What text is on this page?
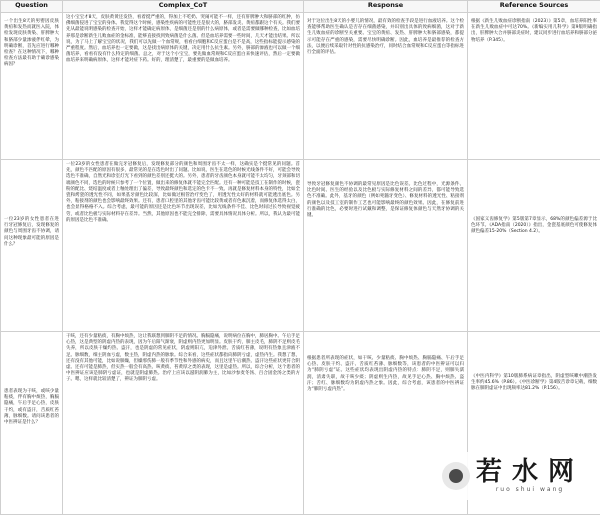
Question	Complex_CoT	Response	Reference Sources

一个出生8天的男婴因皮肤黄疸和发热而就医入院，体检发现皮肤黄染、肝脾肿大和脐部少量渗液伴红晕，为明确诊断，首先应进行哪种检查？在这种情况下，哪种检查方法最有助于确诊感染病因？	这小宝宝才8天，皮肤黄黄还发热，看着挺严重的，得加上不吃奶、哭闹可能不一样，还有肝脾肿大和脐部的红肿，仿佛细菌侵进了宝宝的身体。我觉得这个时候，感染性疾病的可能性还是很大的，脐部发炎、黄疸都跟这个有关。我们要先从最能说明感染的检查开始，这样才能确定病原体，是细菌还是别的什么病原体，或者是需要做哪种检查，比如血培养那是诊断新生儿败血症的金标准，能够直接找到致病菌是什么菌。但是血培养需要一些时间，几天才能出结果。所以说，为了马上了解宝宝的状况，我们可以先做一个血常规，看看白细胞和C反应蛋白是不是高，这些指标能提示感染的严重程度。然后，血培养也一定要做，这是找出病原体的关键，决定用什么抗生素。另外，脐部的渗液也可以做一个细菌培养，看看有没有什么特定的细菌。总之，对于这个小宝宝，要先做血常规和C反应蛋白来快速评估，然后一定要做血培养来明确病原体，这样才能对症下药。好的，理清楚了，最重要的是做血培养。	对于这位出生8天的小婴儿的情况，最有效的检查手段是进行血液培养。这个检查能够帮助医生确认是否存在细菌感染，并识别出具体的致病细菌，这对于新生儿败血症的诊断至关重要。宝宝的黄疸、发热、肝脾肿大和脐部感染，都提示可能存在严重的感染，需要尽快明确诊断。因此，血培养是最推荐的检查方法，以便后续采取针对性的抗感染治疗，同时结合血常规和C反应蛋白等指标进行全面的评估。	根据《新生儿败血症诊断指南（2023）》第5章，血培养阳性率在新生儿败血症中可达70%。《新编实用儿科学》第9版明确指出，肝脾肿大合并脐部炎症时，建议同步进行血培养和脐部分泌物培养（P.345）。

一位23岁的女性患者在进行牙冠修复后，发现修复的颜色与周围牙齿不协调，请问这种现象最可能的原因是什么？	一位23岁的女性患者在做完牙冠修复后，发现修复部分的颜色和周围牙齿不太一样，这确实是个挺常见的问题。首先，颜色不匹配的原因有很多，最常见的是在选色时出了问题。比如说，医生在选色的时候光线条件不好，可能会导致选色不准确，自然光和诊室灯光下看到的颜色差别还挺大的。另外，患者的牙齿颜色本身就可能不太均匀，牙颈部和切端颜色不同，选色的时候只参考了一个位置，做出来的修复体就不能完全匹配。还有一种可能是技工在制作的时候，瓷粉的配比、烧结温度或者上釉处理出了偏差，导致最终颜色和选定的色卡不一致。再就是修复材料本身的特性，比如全瓷和烤瓷的透光性不同，如果基牙颜色比较深，比如做过根管治疗变色了，用透光性太好的材料就可能透出底色。另外，粘接剂的颜色也会影响最终效果。还有，患者口腔里的其他牙齿可能比较黄或者有色素沉着，而修复体选得太白，也会显得格格不入。综合考虑，最可能的原因还是比色环节出现误差，比如光线条件不佳、比色时间过长导致视觉疲劳，或者比色板与实际材料存在差异。当然，其他原因也不能完全排除，需要具体情况具体分析。所以，我认为最可能的原因是比色不准确。	导致牙冠修复颜色不协调的最常见原因是比色误差。比色过程中，光源条件、比色时间、医生的经验以及比色板与实际修复材料之间的差异，都可能导致选色不准确。此外，基牙的颜色（例如死髓牙变色）、修复材料的透光性、粘接剂的颜色以及技工室的制作工艺也可能影响最终的颜色效果。因此，在修复前进行准确的比色，必要时进行试戴和调整，是保证修复体颜色与天然牙协调的关键。	《国家义齿修复学》第5版第7章显示，68%的颜色偏差源于比色环节。《ADA指南（2020）》指出，金瓷基底颜色可使修复体颜色偏差15-20%（Section 4.2）。

患者表现为干咳，或咳少量粘痰，伴有胸中烦热，胸膈隐痛，午后手足心热，皮肤干灼，或有盗汗，舌质红苔薄，脉细数。请问该患者的中医辨证是什么？	干咳，还有少量粘痰，有胸中烦热，这让我联想到肺阴不足的情况。胸膈隐痛，说明病位在胸中，肺居胸中。午后手足心热，这是典型的阴虚内热的表现，因为午后阳气渐衰，阴虚则内热更加明显。皮肤干灼，肺主皮毛，肺阴不足则皮毛失养，所以皮肤干燥灼热。盗汗，也是阴虚的常见症状，阴虚则阳亢，迫津外泄。舌质红苔薄，说明有热象且津液不足。脉细数，细主阴血亏虚，数主热，阴虚内热的脉象。综合来看，这些症状都指向肺阴亏虚，虚热内生。我想了想，还有没有其他可能，比如说肺燥，但燥邪伤肺一般有季节性和外感的病史，而且这里午后潮热、盗汗这些症状更符合阴虚。还有可能是肺热，但实热一般会有高热、咳黄痰、苔黄厚之类的表现，这里是虚热。所以，综合分析，这个患者的中医辨证应该是肺阴亏虚证，也就是阴虚肺热。治疗上应该以滋阴润肺为主，比如沙参麦冬汤、百合固金汤之类的方子。嗯，这样就比较清楚了，辨证为肺阴亏虚。	根据患者所表现的症状，如干咳、少量粘痰、胸中烦热、胸膈隐痛、午后手足心热、皮肤干灼、盗汗、舌质红苔薄、脉细数等，该患者的中医辨证可以归为“肺阴亏虚”证。这些症状均表现出阴虚内热的特点：肺阴不足，则肺失濡润，清肃失职，故干咳少痰；阴虚则生内热，故见手足心热、胸中烦热、盗汗；舌红、脉细数均为阴虚内热之象。因此，综合考虑，该患者的中医辨证为“肺阴亏虚内热”。	《中医内科学》第10版肺系病证章指出，阴虚型咳嗽中潮热发生率约45.6%（P.86）。《中医诊断学》第4版舌诊章记载，细数脉在肺阴虚证中出现频率达81.2%（P.156）。
若水网
ruo shui wang
